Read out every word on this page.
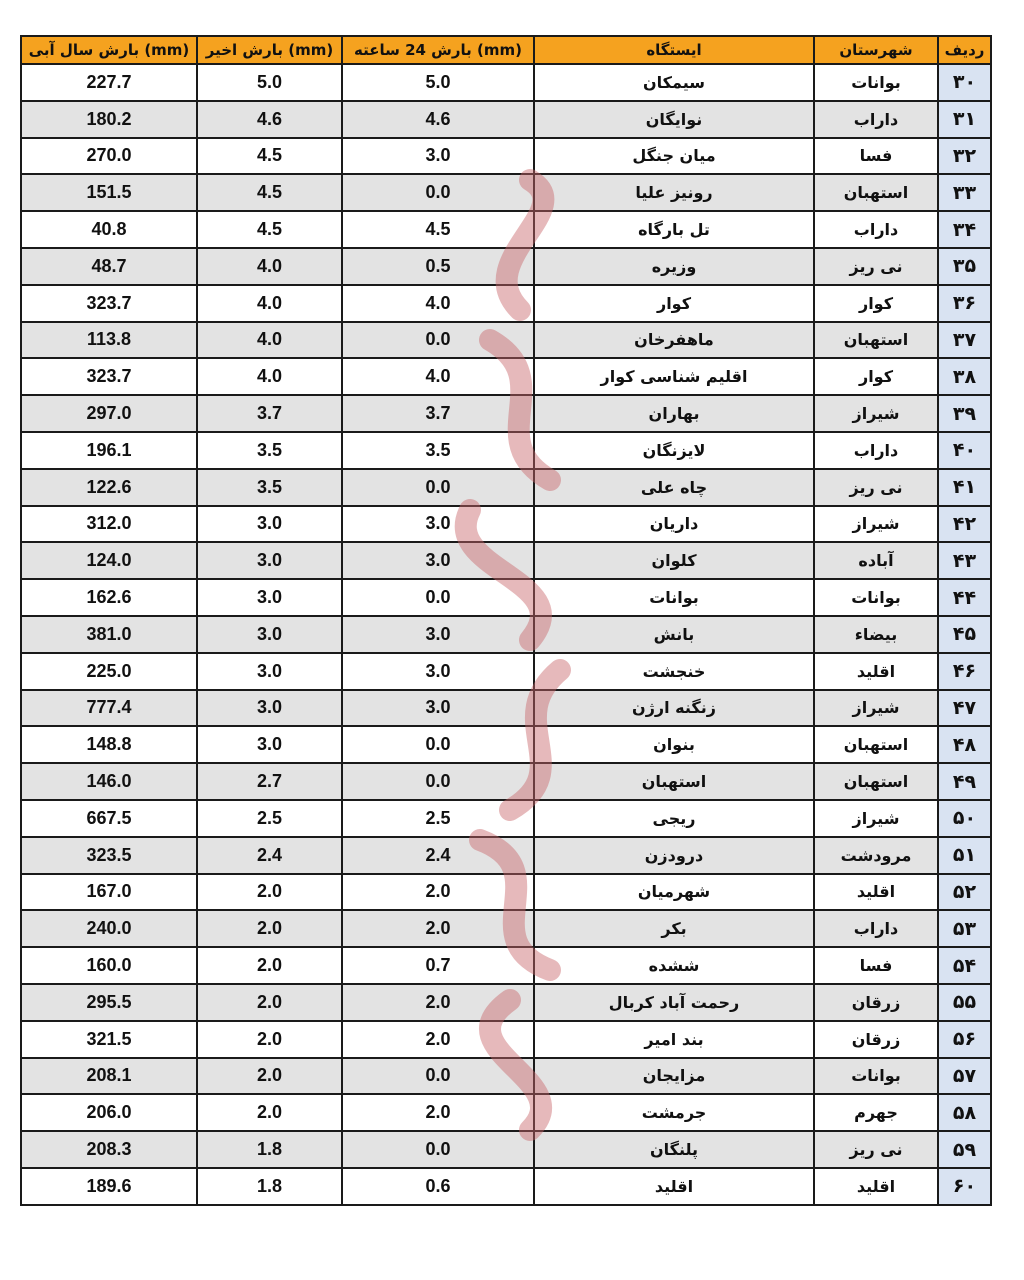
بارش سال آبی (mm)	بارش اخیر (mm)	بارش 24 ساعته (mm)	ایستگاه	شهرستان	ردیف
227.7	5.0	5.0	سیمکان	بوانات	۳۰
180.2	4.6	4.6	نوایگان	داراب	۳۱
270.0	4.5	3.0	میان جنگل	فسا	۳۲
151.5	4.5	0.0	رونیز علیا	استهبان	۳۳
40.8	4.5	4.5	تل بارگاه	داراب	۳۴
48.7	4.0	0.5	وزیره	نی ریز	۳۵
323.7	4.0	4.0	کوار	کوار	۳۶
113.8	4.0	0.0	ماهفرخان	استهبان	۳۷
323.7	4.0	4.0	اقلیم شناسی کوار	کوار	۳۸
297.0	3.7	3.7	بهاران	شیراز	۳۹
196.1	3.5	3.5	لایزنگان	داراب	۴۰
122.6	3.5	0.0	چاه علی	نی ریز	۴۱
312.0	3.0	3.0	داریان	شیراز	۴۲
124.0	3.0	3.0	کلوان	آباده	۴۳
162.6	3.0	0.0	بوانات	بوانات	۴۴
381.0	3.0	3.0	بانش	بیضاء	۴۵
225.0	3.0	3.0	خنجشت	اقلید	۴۶
777.4	3.0	3.0	زنگنه ارژن	شیراز	۴۷
148.8	3.0	0.0	بنوان	استهبان	۴۸
146.0	2.7	0.0	استهبان	استهبان	۴۹
667.5	2.5	2.5	ریجی	شیراز	۵۰
323.5	2.4	2.4	درودزن	مرودشت	۵۱
167.0	2.0	2.0	شهرمیان	اقلید	۵۲
240.0	2.0	2.0	بکر	داراب	۵۳
160.0	2.0	0.7	ششده	فسا	۵۴
295.5	2.0	2.0	رحمت آباد کربال	زرقان	۵۵
321.5	2.0	2.0	بند امیر	زرقان	۵۶
208.1	2.0	0.0	مزایجان	بوانات	۵۷
206.0	2.0	2.0	جرمشت	جهرم	۵۸
208.3	1.8	0.0	پلنگان	نی ریز	۵۹
189.6	1.8	0.6	اقلید	اقلید	۶۰
